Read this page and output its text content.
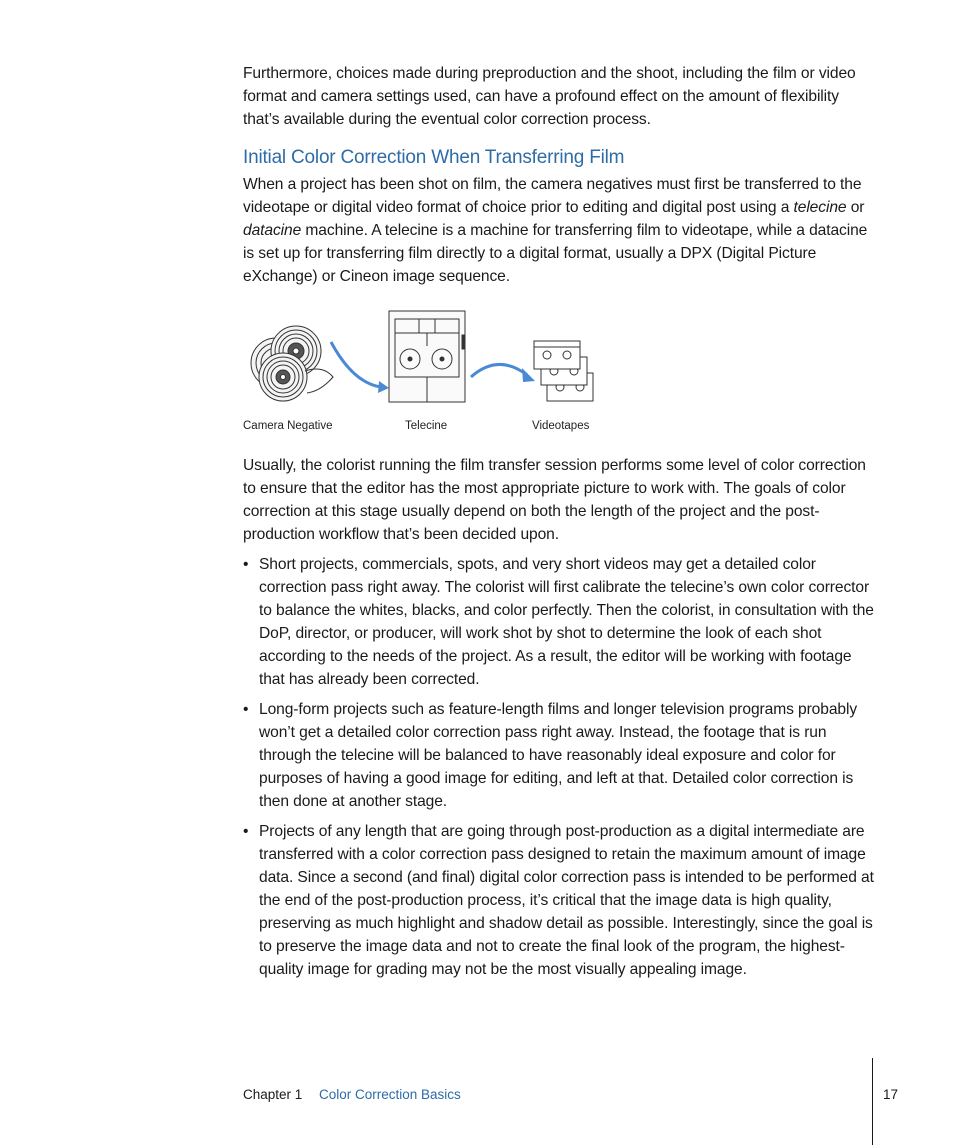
Furthermore, choices made during preproduction and the shoot, including the film or video format and camera settings used, can have a profound effect on the amount of flexibility that’s available during the eventual color correction process.

Initial Color Correction When Transferring Film

When a project has been shot on film, the camera negatives must first be transferred to the videotape or digital video format of choice prior to editing and digital post using a telecine or datacine machine. A telecine is a machine for transferring film to videotape, while a datacine is set up for transferring film directly to a digital format, usually a DPX (Digital Picture eXchange) or Cineon image sequence.

Camera Negative	Telecine	Videotapes

Usually, the colorist running the film transfer session performs some level of color correction to ensure that the editor has the most appropriate picture to work with. The goals of color correction at this stage usually depend on both the length of the project and the post-production workflow that’s been decided upon.

• Short projects, commercials, spots, and very short videos may get a detailed color correction pass right away. The colorist will first calibrate the telecine’s own color corrector to balance the whites, blacks, and color perfectly. Then the colorist, in consultation with the DoP, director, or producer, will work shot by shot to determine the look of each shot according to the needs of the project. As a result, the editor will be working with footage that has already been corrected.

• Long-form projects such as feature-length films and longer television programs probably won’t get a detailed color correction pass right away. Instead, the footage that is run through the telecine will be balanced to have reasonably ideal exposure and color for purposes of having a good image for editing, and left at that. Detailed color correction is then done at another stage.

• Projects of any length that are going through post-production as a digital intermediate are transferred with a color correction pass designed to retain the maximum amount of image data. Since a second (and final) digital color correction pass is intended to be performed at the end of the post-production process, it’s critical that the image data is high quality, preserving as much highlight and shadow detail as possible. Interestingly, since the goal is to preserve the image data and not to create the final look of the program, the highest-quality image for grading may not be the most visually appealing image.

Chapter 1 Color Correction Basics	17
